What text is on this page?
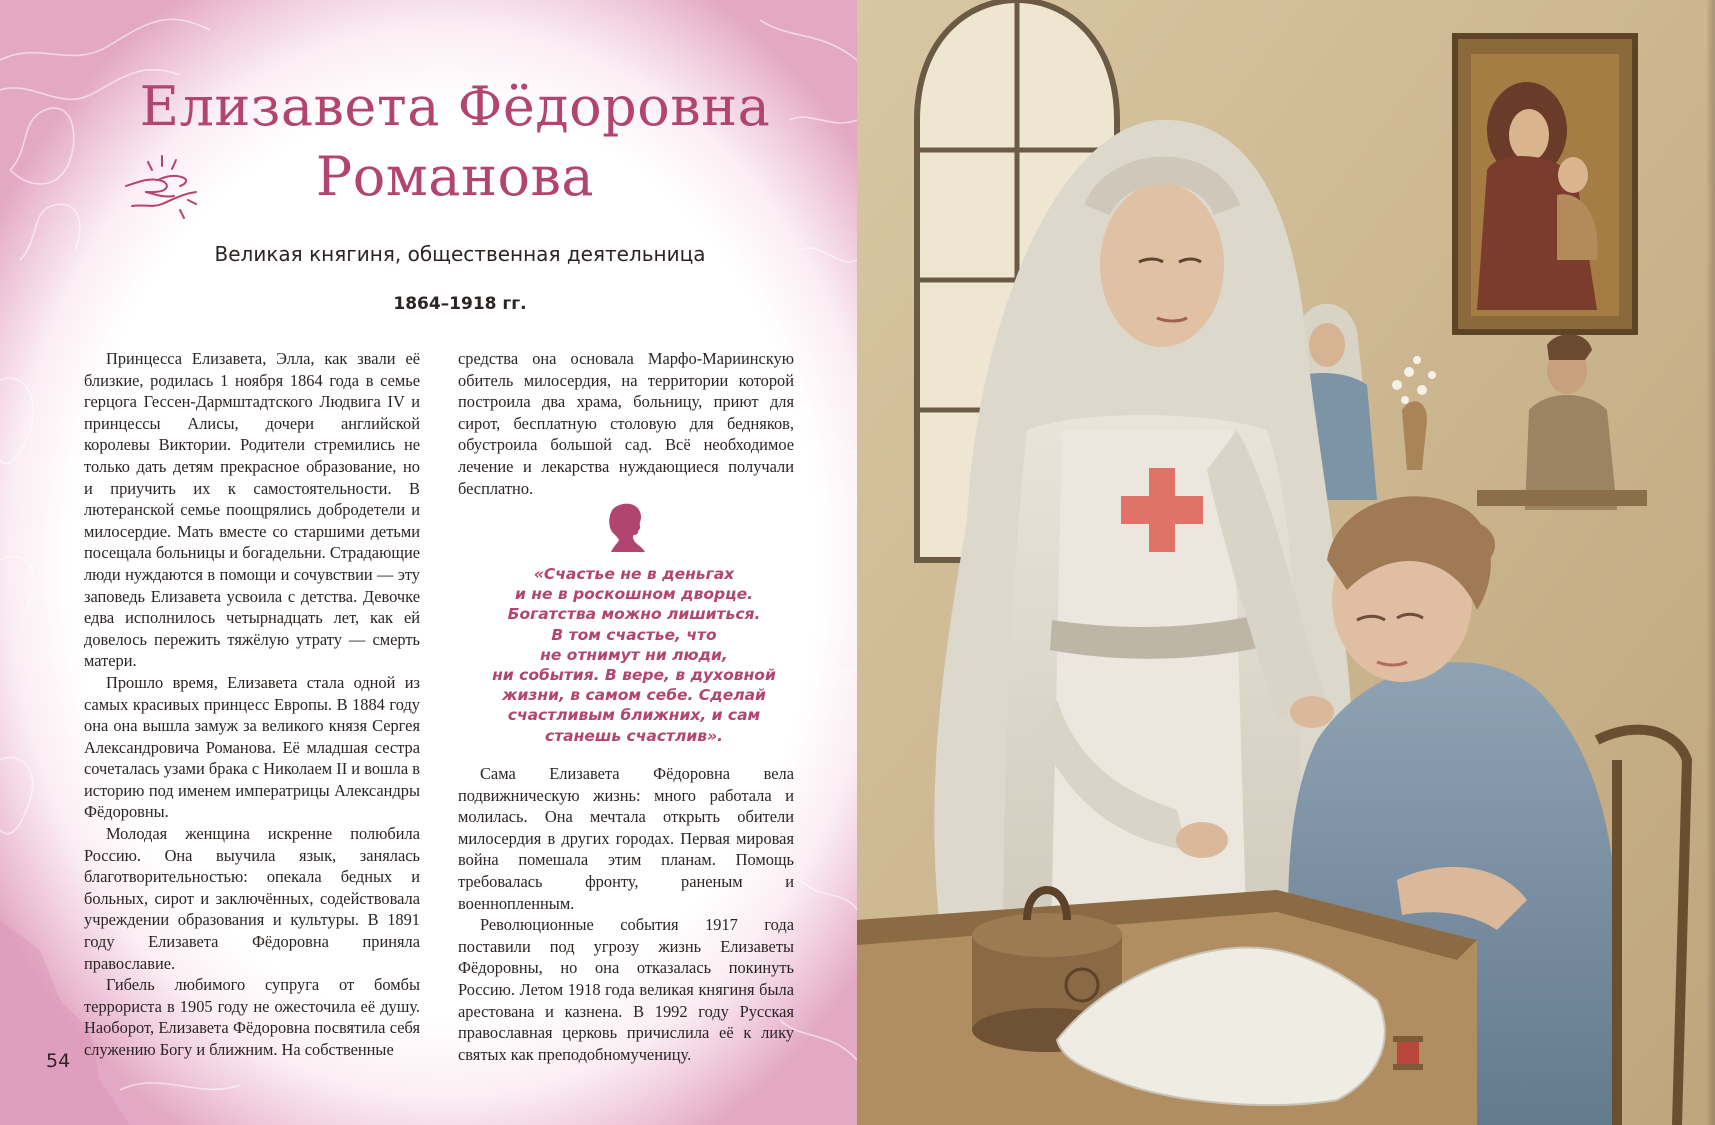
Елизавета Фёдоровна
Романова
Великая княгиня, общественная деятельница
1864–1918 гг.

Принцесса Елизавета, Элла, как звали её близкие, родилась 1 ноября 1864 года в семье герцога Гессен-Дармштадтского Людвига IV и принцессы Алисы, дочери английской королевы Виктории. Родители стремились не только дать детям прекрасное образование, но и приучить их к самостоятельности. В лютеранской семье поощрялись добродетели и милосердие. Мать вместе со старшими детьми посещала больницы и богадельни. Страдающие люди нуждаются в помощи и сочувствии — эту заповедь Елизавета усвоила с детства. Девочке едва исполнилось четырнадцать лет, как ей довелось пережить тяжёлую утрату — смерть матери.

Прошло время, Елизавета стала одной из самых красивых принцесс Европы. В 1884 году она она вышла замуж за великого князя Сергея Александровича Романова. Её младшая сестра сочеталась узами брака с Николаем II и вошла в историю под именем императрицы Александры Фёдоровны.

Молодая женщина искренне полюбила Россию. Она выучила язык, занялась благотворительностью: опекала бедных и больных, сирот и заключённых, содействовала учреждении образования и культуры. В 1891 году Елизавета Фёдоровна приняла православие.

Гибель любимого супруга от бомбы террориста в 1905 году не ожесточила её душу. Наоборот, Елизавета Фёдоровна посвятила себя служению Богу и ближним. На собственные

средства она основала Марфо-Мариинскую обитель милосердия, на территории которой построила два храма, больницу, приют для сирот, бесплатную столовую для бедняков, обустроила большой сад. Всё необходимое лечение и лекарства нуждающиеся получали бесплатно.

«Счастье не в деньгах
и не в роскошном дворце.
Богатства можно лишиться.
В том счастье, что
не отнимут ни люди,
ни события. В вере, в духовной
жизни, в самом себе. Сделай
счастливым ближних, и сам
станешь счастлив».

Сама Елизавета Фёдоровна вела подвижническую жизнь: много работала и молилась. Она мечтала открыть обители милосердия в других городах. Первая мировая война помешала этим планам. Помощь требовалась фронту, раненым и военнопленным.

Революционные события 1917 года поставили под угрозу жизнь Елизаветы Фёдоровны, но она отказалась покинуть Россию. Летом 1918 года великая княгиня была арестована и казнена. В 1992 году Русская православная церковь причислила её к лику святых как преподобномученицу.

54
